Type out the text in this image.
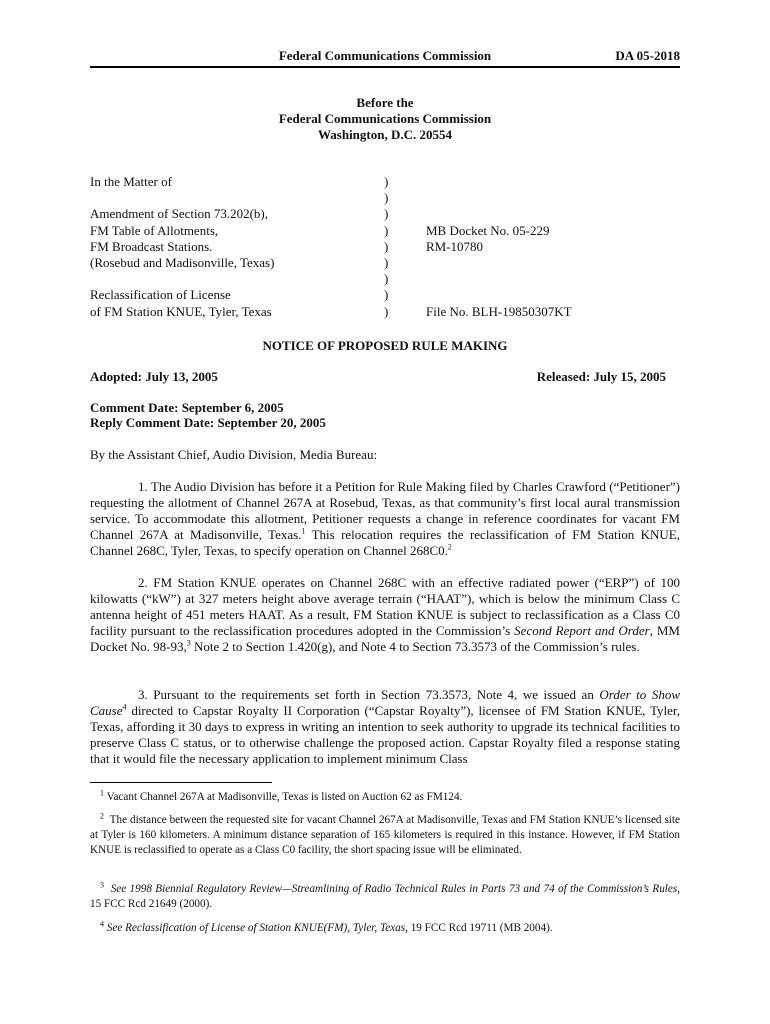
Federal Communications Commission	DA 05-2018
Before the
Federal Communications Commission
Washington, D.C. 20554
In the Matter of

Amendment of Section 73.202(b),
FM Table of Allotments,
FM Broadcast Stations.
(Rosebud and Madisonville, Texas)

Reclassification of License
of FM Station KNUE, Tyler, Texas
)
)
)
)
)
)
)
)
)

MB Docket No. 05-229
RM-10780

File No. BLH-19850307KT
NOTICE OF PROPOSED RULE MAKING
Adopted: July 13, 2005	Released: July 15, 2005
Comment Date: September 6, 2005
Reply Comment Date: September 20, 2005
By the Assistant Chief, Audio Division, Media Bureau:
1. The Audio Division has before it a Petition for Rule Making filed by Charles Crawford (“Petitioner”) requesting the allotment of Channel 267A at Rosebud, Texas, as that community’s first local aural transmission service. To accommodate this allotment, Petitioner requests a change in reference coordinates for vacant FM Channel 267A at Madisonville, Texas.$^1$ This relocation requires the reclassification of FM Station KNUE, Channel 268C, Tyler, Texas, to specify operation on Channel 268C0.$^2$
2. FM Station KNUE operates on Channel 268C with an effective radiated power (“ERP”) of 100 kilowatts (“kW”) at 327 meters height above average terrain (“HAAT”), which is below the minimum Class C antenna height of 451 meters HAAT. As a result, FM Station KNUE is subject to reclassification as a Class C0 facility pursuant to the reclassification procedures adopted in the Commission’s Second Report and Order, MM Docket No. 98-93,$^3$ Note 2 to Section 1.420(g), and Note 4 to Section 73.3573 of the Commission’s rules.
3. Pursuant to the requirements set forth in Section 73.3573, Note 4, we issued an Order to Show Cause$^4$ directed to Capstar Royalty II Corporation (“Capstar Royalty”), licensee of FM Station KNUE, Tyler, Texas, affording it 30 days to express in writing an intention to seek authority to upgrade its technical facilities to preserve Class C status, or to otherwise challenge the proposed action. Capstar Royalty filed a response stating that it would file the necessary application to implement minimum Class
$^1$ Vacant Channel 267A at Madisonville, Texas is listed on Auction 62 as FM124.
$^2$ The distance between the requested site for vacant Channel 267A at Madisonville, Texas and FM Station KNUE’s licensed site at Tyler is 160 kilometers. A minimum distance separation of 165 kilometers is required in this instance. However, if FM Station KNUE is reclassified to operate as a Class C0 facility, the short spacing issue will be eliminated.
$^3$ See 1998 Biennial Regulatory Review—Streamlining of Radio Technical Rules in Parts 73 and 74 of the Commission’s Rules, 15 FCC Rcd 21649 (2000).
$^4$ See Reclassification of License of Station KNUE(FM), Tyler, Texas, 19 FCC Rcd 19711 (MB 2004).
